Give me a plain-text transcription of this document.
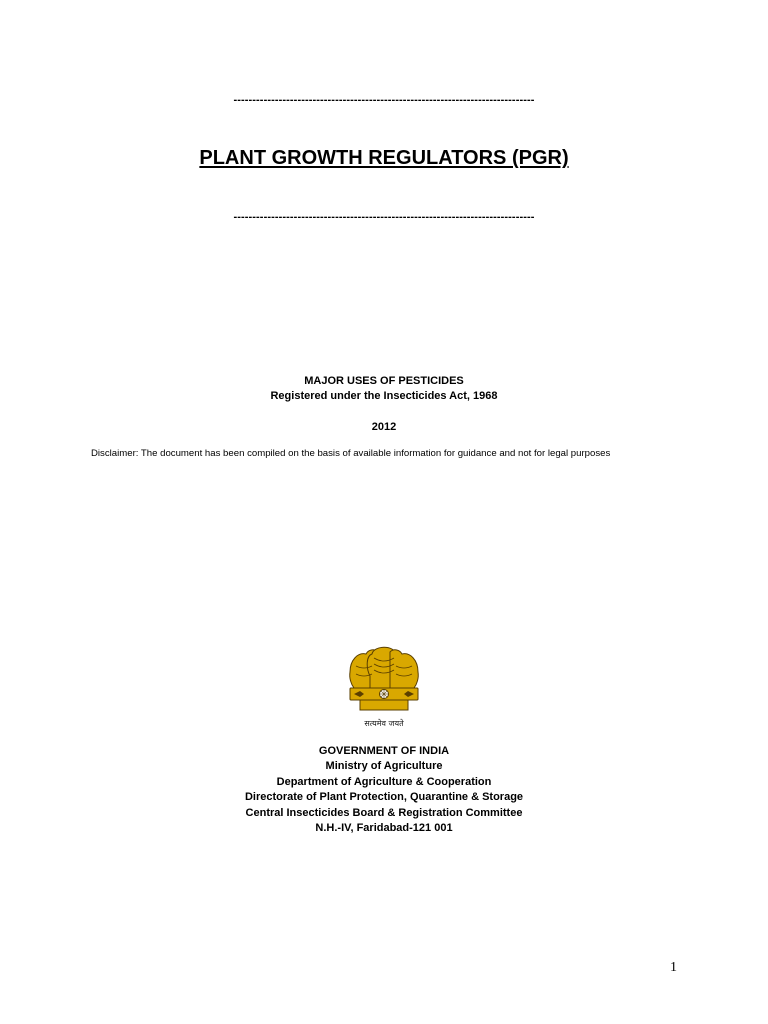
--------------------------------------------------------------------------------
PLANT GROWTH REGULATORS (PGR)
--------------------------------------------------------------------------------
MAJOR USES OF PESTICIDES
Registered under the Insecticides Act, 1968
2012
Disclaimer: The document has been compiled on the basis of available information for guidance and not for legal purposes
सत्यमेव जयते
GOVERNMENT OF INDIA
Ministry of Agriculture
Department of Agriculture & Cooperation
Directorate of Plant Protection, Quarantine & Storage
Central Insecticides Board & Registration Committee
N.H.-IV, Faridabad-121 001
1
